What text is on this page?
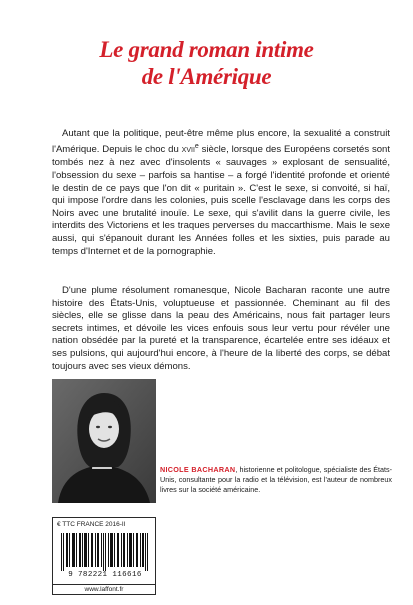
Le grand roman intime
de l'Amérique

Autant que la politique, peut-être même plus encore, la sexualité a construit l'Amérique. Depuis le choc du XVIIe siècle, lorsque des Européens corsetés sont tombés nez à nez avec d'insolents « sauvages » explosant de sensualité, l'obsession du sexe – parfois sa hantise – a forgé l'identité profonde et orienté le destin de ce pays que l'on dit « puritain ». C'est le sexe, si convoité, si haï, qui impose l'ordre dans les colonies, puis scelle l'esclavage dans les corps des Noirs avec une brutalité inouïe. Le sexe, qui s'avilit dans la guerre civile, les interdits des Victoriens et les traques perverses du maccarthisme. Mais le sexe aussi, qui s'épanouit durant les Années folles et les sixties, puis parade au temps d'Internet et de la pornographie.

D'une plume résolument romanesque, Nicole Bacharan raconte une autre histoire des États-Unis, voluptueuse et passionnée. Cheminant au fil des siècles, elle se glisse dans la peau des Américains, nous fait partager leurs secrets intimes, et dévoile les vices enfouis sous leur vertu pour révéler une nation obsédée par la pureté et la transparence, écartelée entre ses idéaux et ses pulsions, qui aujourd'hui encore, à l'heure de la liberté des corps, se débat toujours avec ses vieux démons.

NICOLE BACHARAN, historienne et politologue, spécialiste des États-Unis, consultante pour la radio et la télévision, est l'auteur de nombreux livres sur la société américaine.

€ TTC FRANCE 2016-II
9 782221 116616
www.laffont.fr
